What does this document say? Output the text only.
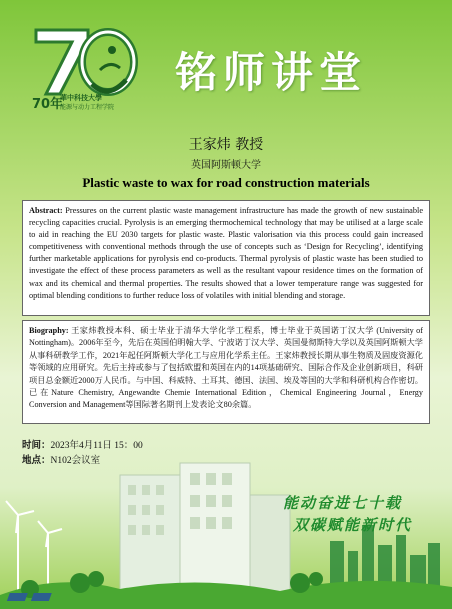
70年
華中科技大學
能源与动力工程学院
铭师讲堂
王家炜 教授
英国阿斯顿大学
Plastic waste to wax for road construction materials
Abstract: Pressures on the current plastic waste management infrastructure has made the growth of new sustainable recycling capacities crucial. Pyrolysis is an emerging thermochemical technology that may be utilised at a large scale to aid in reaching the EU 2030 targets for plastic waste. Plastic valorisation via this process could gain increased competitiveness with conventional methods through the use of concepts such as ‘Design for Recycling’, identifying further marketable applications for pyrolysis end co-products. Thermal pyrolysis of plastic waste has been studied to investigate the effect of these process parameters as well as the resultant vapour residence times on the formation of wax and its chemical and thermal properties. The results showed that a lower temperature range was suggested for optimal blending conditions to further reduce loss of volatiles with initial blending and storage.
Biography: 王家炜教授本科、硕士毕业于清华大学化学工程系，博士毕业于英国诺丁汉大学 (University of Nottingham)。2006年至今，先后在英国伯明翰大学、宁波诺丁汉大学、英国曼彻斯特大学以及英国阿斯顿大学从事科研教学工作，2021年起任阿斯顿大学化工与应用化学系主任。王家炜教授长期从事生物质及固废资源化等领域的应用研究。先后主持或参与了包括欧盟和英国在内的14项基础研究、国际合作及企业创新项目，科研项目总金额近2000万人民币。与中国、科威特、土耳其、德国、法国、埃及等国的大学和科研机构合作密切。已在Nature Chemistry, Angewandte Chemie International Edition，Chemical Engineering Journal，Energy Conversion and Management等国际著名期刊上发表论文80余篇。
时间：2023年4月11日 15：00
地点：N102会议室
能动奋进七十载
双碳赋能新时代
